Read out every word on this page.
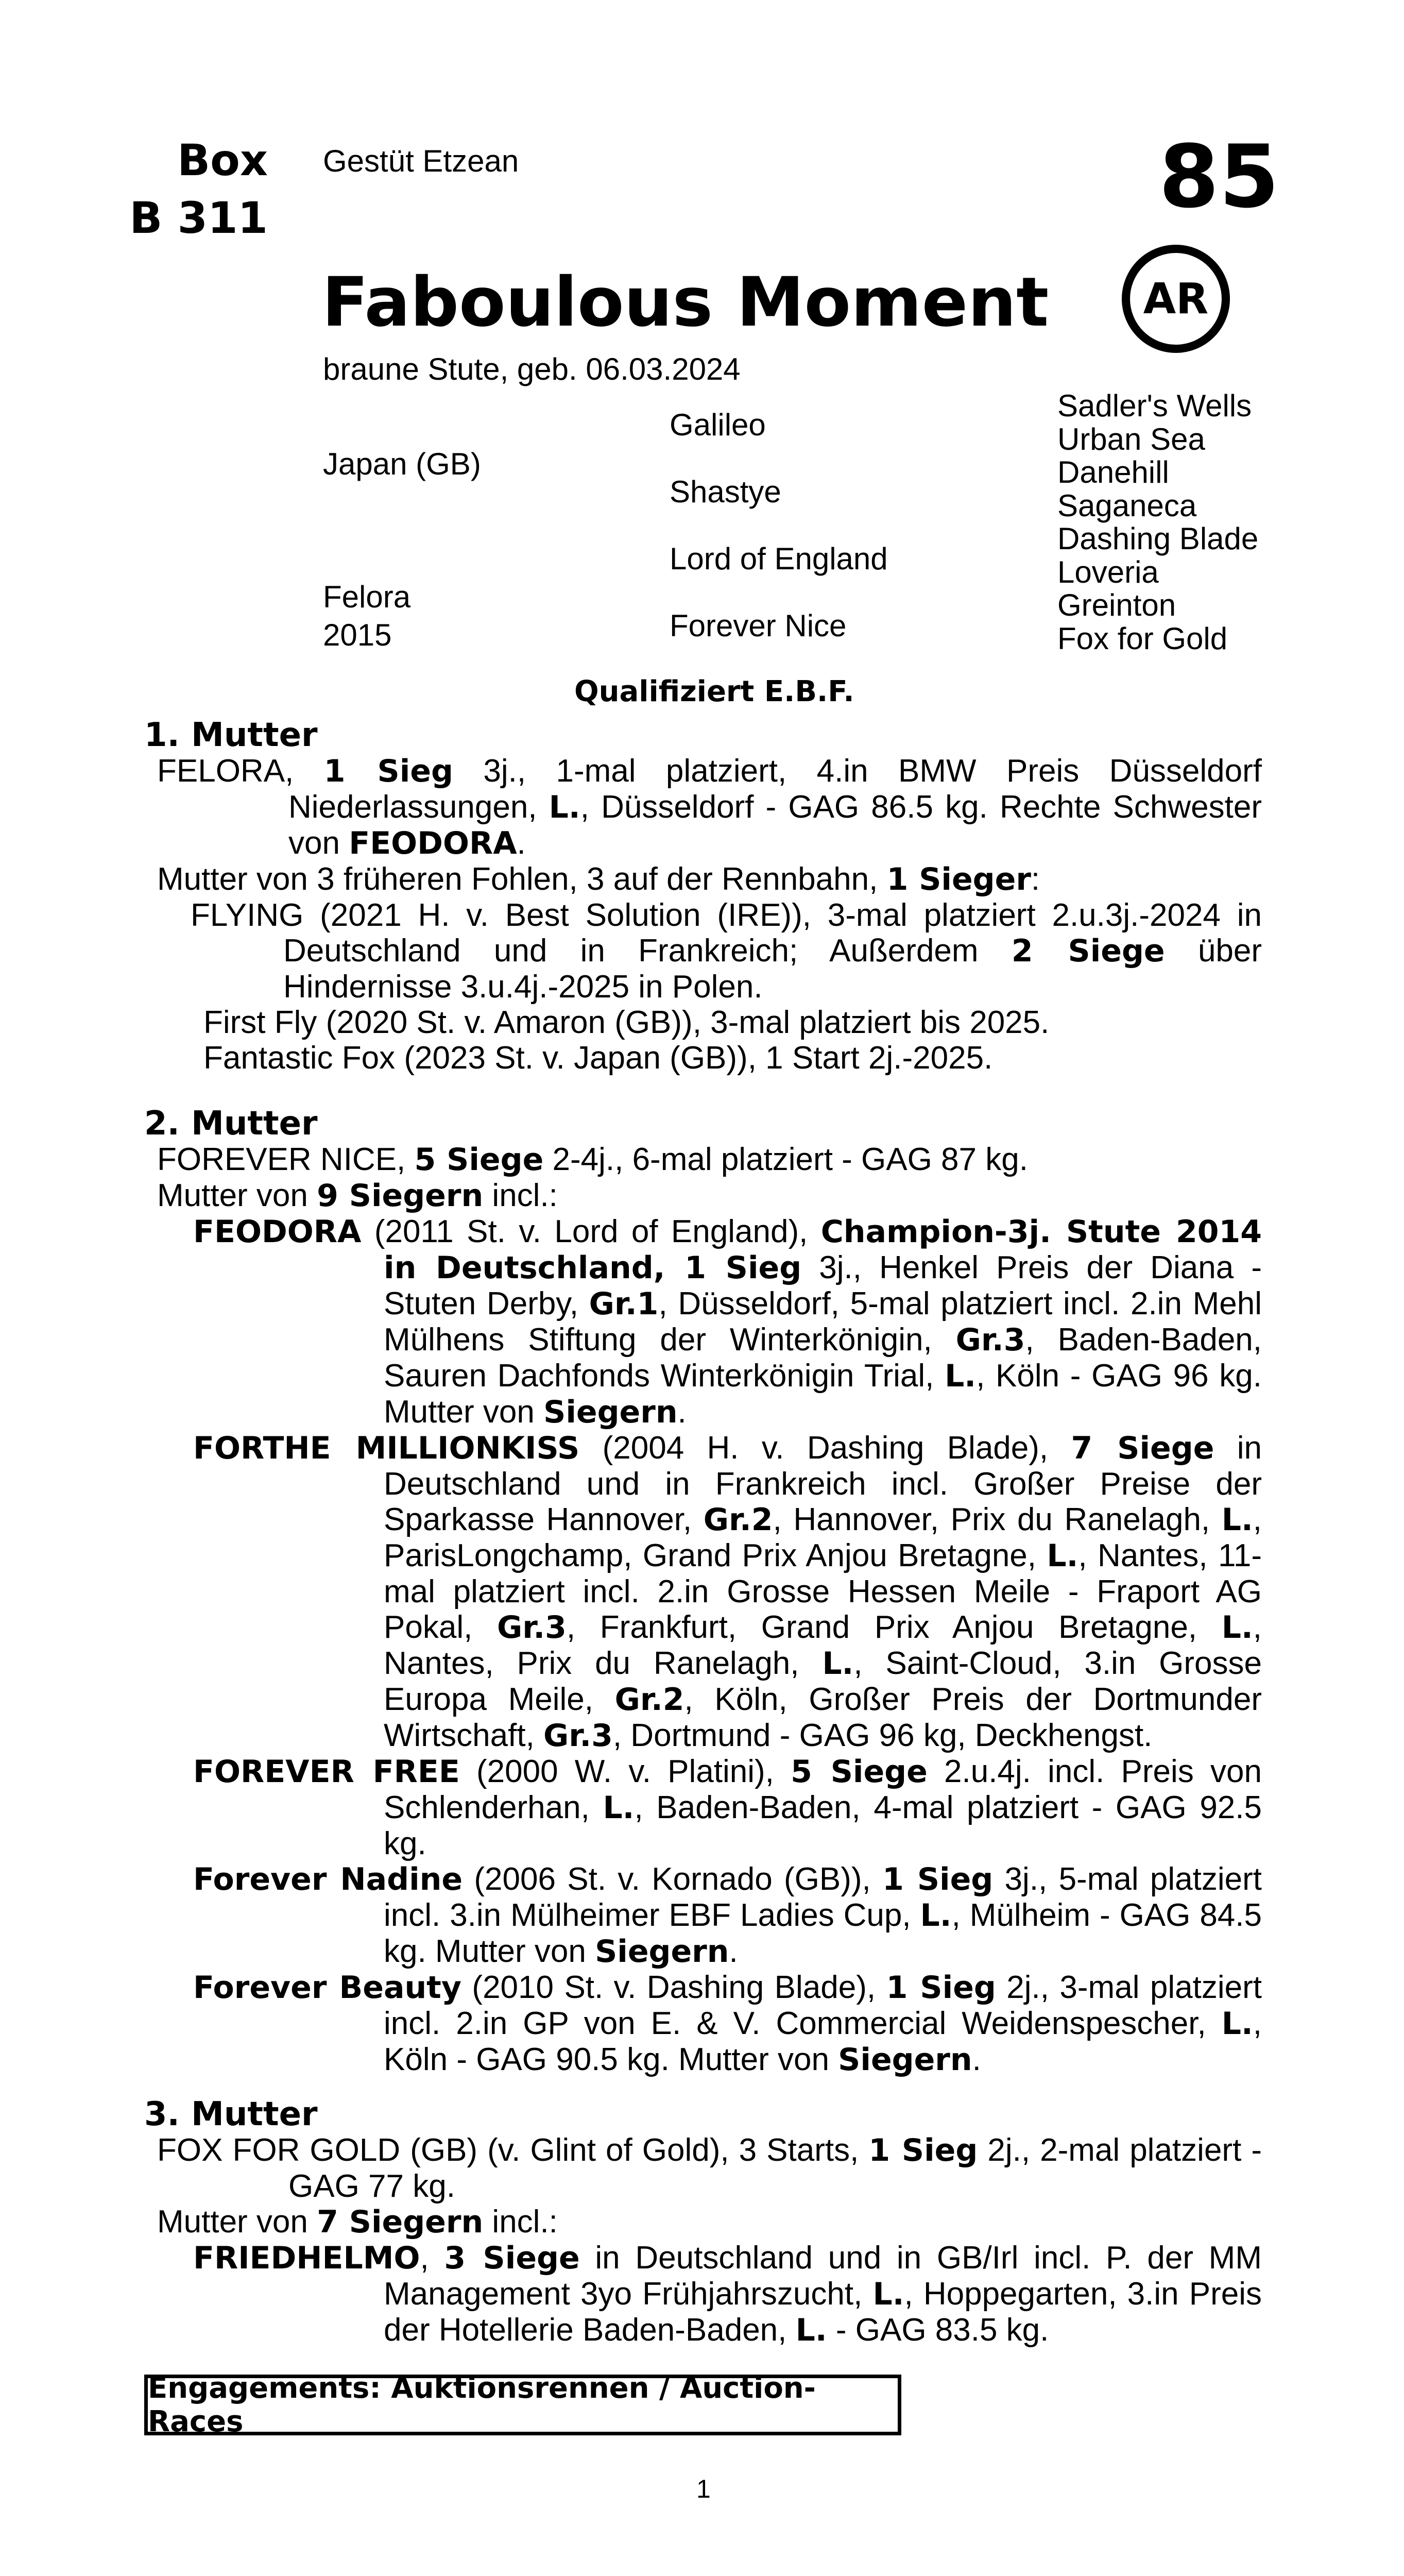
Box
B 311
Gestüt Etzean	85
Faboulous Moment
braune Stute, geb. 06.03.2024
AR
Japan (GB)
Felora
2015
Galileo
Shastye
Lord of England
Forever Nice
Sadler's Wells
Urban Sea
Danehill
Saganeca
Dashing Blade
Loveria
Greinton
Fox for Gold
Qualifiziert E.B.F.
1. Mutter
FELORA, 1 Sieg 3j., 1-mal platziert, 4.in BMW Preis Düsseldorf Niederlassungen, L., Düsseldorf - GAG 86.5 kg. Rechte Schwester von FEODORA.
Mutter von 3 früheren Fohlen, 3 auf der Rennbahn, 1 Sieger:
FLYING (2021 H. v. Best Solution (IRE)), 3-mal platziert 2.u.3j.-2024 in Deutschland und in Frankreich; Außerdem 2 Siege über Hindernisse 3.u.4j.-2025 in Polen.
First Fly (2020 St. v. Amaron (GB)), 3-mal platziert bis 2025.
Fantastic Fox (2023 St. v. Japan (GB)), 1 Start 2j.-2025.
2. Mutter
FOREVER NICE, 5 Siege 2-4j., 6-mal platziert - GAG 87 kg.
Mutter von 9 Siegern incl.:
FEODORA (2011 St. v. Lord of England), Champion-3j. Stute 2014 in Deutschland, 1 Sieg 3j., Henkel Preis der Diana - Stuten Derby, Gr.1, Düsseldorf, 5-mal platziert incl. 2.in Mehl Mülhens Stiftung der Winterkönigin, Gr.3, Baden-Baden, Sauren Dachfonds Winterkönigin Trial, L., Köln - GAG 96 kg. Mutter von Siegern.
FORTHE MILLIONKISS (2004 H. v. Dashing Blade), 7 Siege in Deutschland und in Frankreich incl. Großer Preise der Sparkasse Hannover, Gr.2, Hannover, Prix du Ranelagh, L., ParisLongchamp, Grand Prix Anjou Bretagne, L., Nantes, 11-mal platziert incl. 2.in Grosse Hessen Meile - Fraport AG Pokal, Gr.3, Frankfurt, Grand Prix Anjou Bretagne, L., Nantes, Prix du Ranelagh, L., Saint-Cloud, 3.in Grosse Europa Meile, Gr.2, Köln, Großer Preis der Dortmunder Wirtschaft, Gr.3, Dortmund - GAG 96 kg, Deckhengst.
FOREVER FREE (2000 W. v. Platini), 5 Siege 2.u.4j. incl. Preis von Schlenderhan, L., Baden-Baden, 4-mal platziert - GAG 92.5 kg.
Forever Nadine (2006 St. v. Kornado (GB)), 1 Sieg 3j., 5-mal platziert incl. 3.in Mülheimer EBF Ladies Cup, L., Mülheim - GAG 84.5 kg. Mutter von Siegern.
Forever Beauty (2010 St. v. Dashing Blade), 1 Sieg 2j., 3-mal platziert incl. 2.in GP von E. & V. Commercial Weidenspescher, L., Köln - GAG 90.5 kg. Mutter von Siegern.
3. Mutter
FOX FOR GOLD (GB) (v. Glint of Gold), 3 Starts, 1 Sieg 2j., 2-mal platziert - GAG 77 kg.
Mutter von 7 Siegern incl.:
FRIEDHELMO, 3 Siege in Deutschland und in GB/Irl incl. P. der MM Management 3yo Frühjahrszucht, L., Hoppegarten, 3.in Preis der Hotellerie Baden-Baden, L. - GAG 83.5 kg.
Engagements: Auktionsrennen / Auction-Races
1
